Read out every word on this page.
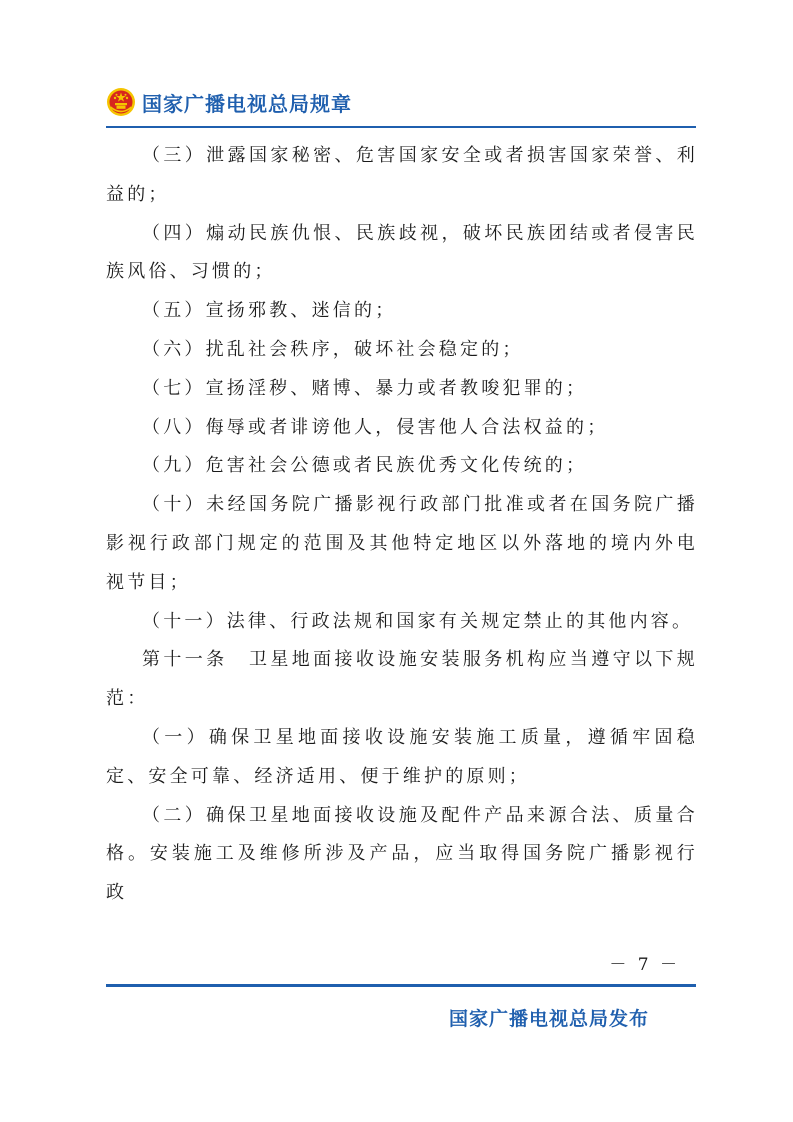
国家广播电视总局规章

（三）泄露国家秘密、危害国家安全或者损害国家荣誉、利益的；

（四）煽动民族仇恨、民族歧视，破坏民族团结或者侵害民族风俗、习惯的；

（五）宣扬邪教、迷信的；

（六）扰乱社会秩序，破坏社会稳定的；

（七）宣扬淫秽、赌博、暴力或者教唆犯罪的；

（八）侮辱或者诽谤他人，侵害他人合法权益的；

（九）危害社会公德或者民族优秀文化传统的；

（十）未经国务院广播影视行政部门批准或者在国务院广播影视行政部门规定的范围及其他特定地区以外落地的境内外电视节目；

（十一）法律、行政法规和国家有关规定禁止的其他内容。

第十一条　卫星地面接收设施安装服务机构应当遵守以下规范：

（一）确保卫星地面接收设施安装施工质量，遵循牢固稳定、安全可靠、经济适用、便于维护的原则；

（二）确保卫星地面接收设施及配件产品来源合法、质量合格。安装施工及维修所涉及产品，应当取得国务院广播影视行政

－ 7 －
国家广播电视总局发布
